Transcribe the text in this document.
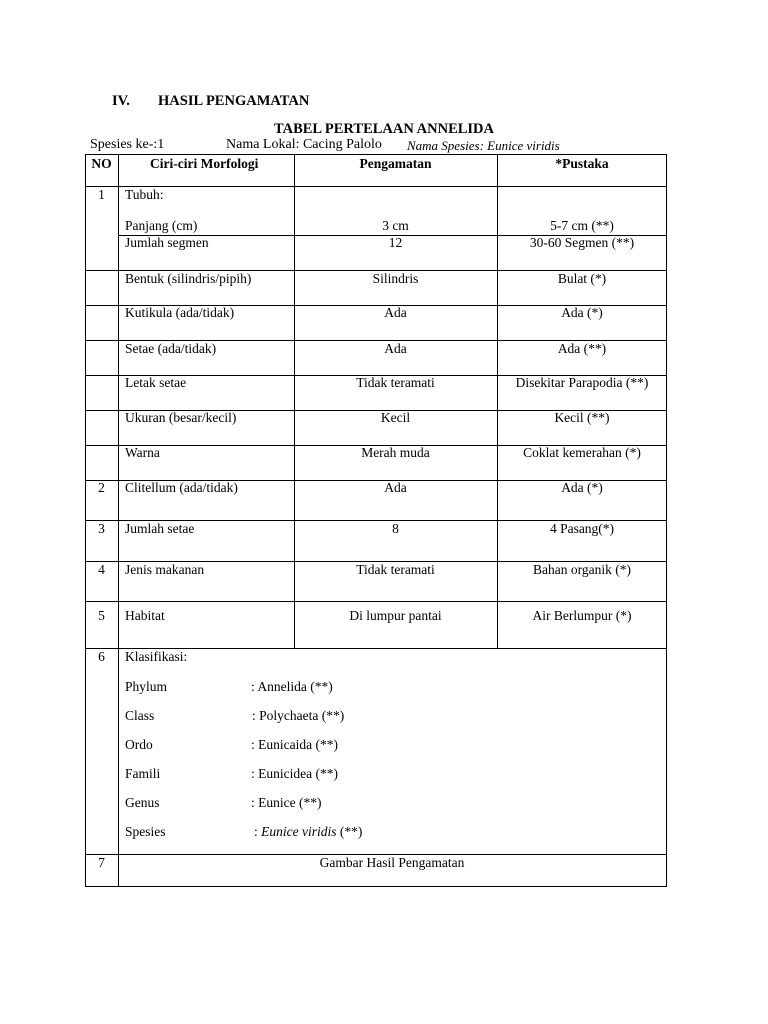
IV. HASIL PENGAMATAN
TABEL PERTELAAN ANNELIDA
Spesies ke-:1	Nama Lokal: Cacing Palolo Nama Spesies: Eunice viridis
NO	Ciri-ciri Morfologi	Pengamatan	*Pustaka
1	Tubuh:
Panjang (cm)	3 cm	5-7 cm (**)
Jumlah segmen	12	30-60 Segmen (**)
Bentuk (silindris/pipih)	Silindris	Bulat (*)
Kutikula (ada/tidak)	Ada	Ada (*)
Setae (ada/tidak)	Ada	Ada (**)
Letak setae	Tidak teramati	Disekitar Parapodia (**)
Ukuran (besar/kecil)	Kecil	Kecil (**)
Warna	Merah muda	Coklat kemerahan (*)
2	Clitellum (ada/tidak)	Ada	Ada (*)
3	Jumlah setae	8	4 Pasang(*)
4	Jenis makanan	Tidak teramati	Bahan organik (*)
5	Habitat	Di lumpur pantai	Air Berlumpur (*)
6	Klasifikasi:
Phylum	: Annelida (**)
Class	: Polychaeta (**)
Ordo	: Eunicaida (**)
Famili	: Eunicidea (**)
Genus	: Eunice (**)
Spesies	: Eunice viridis (**)
7	Gambar Hasil Pengamatan
